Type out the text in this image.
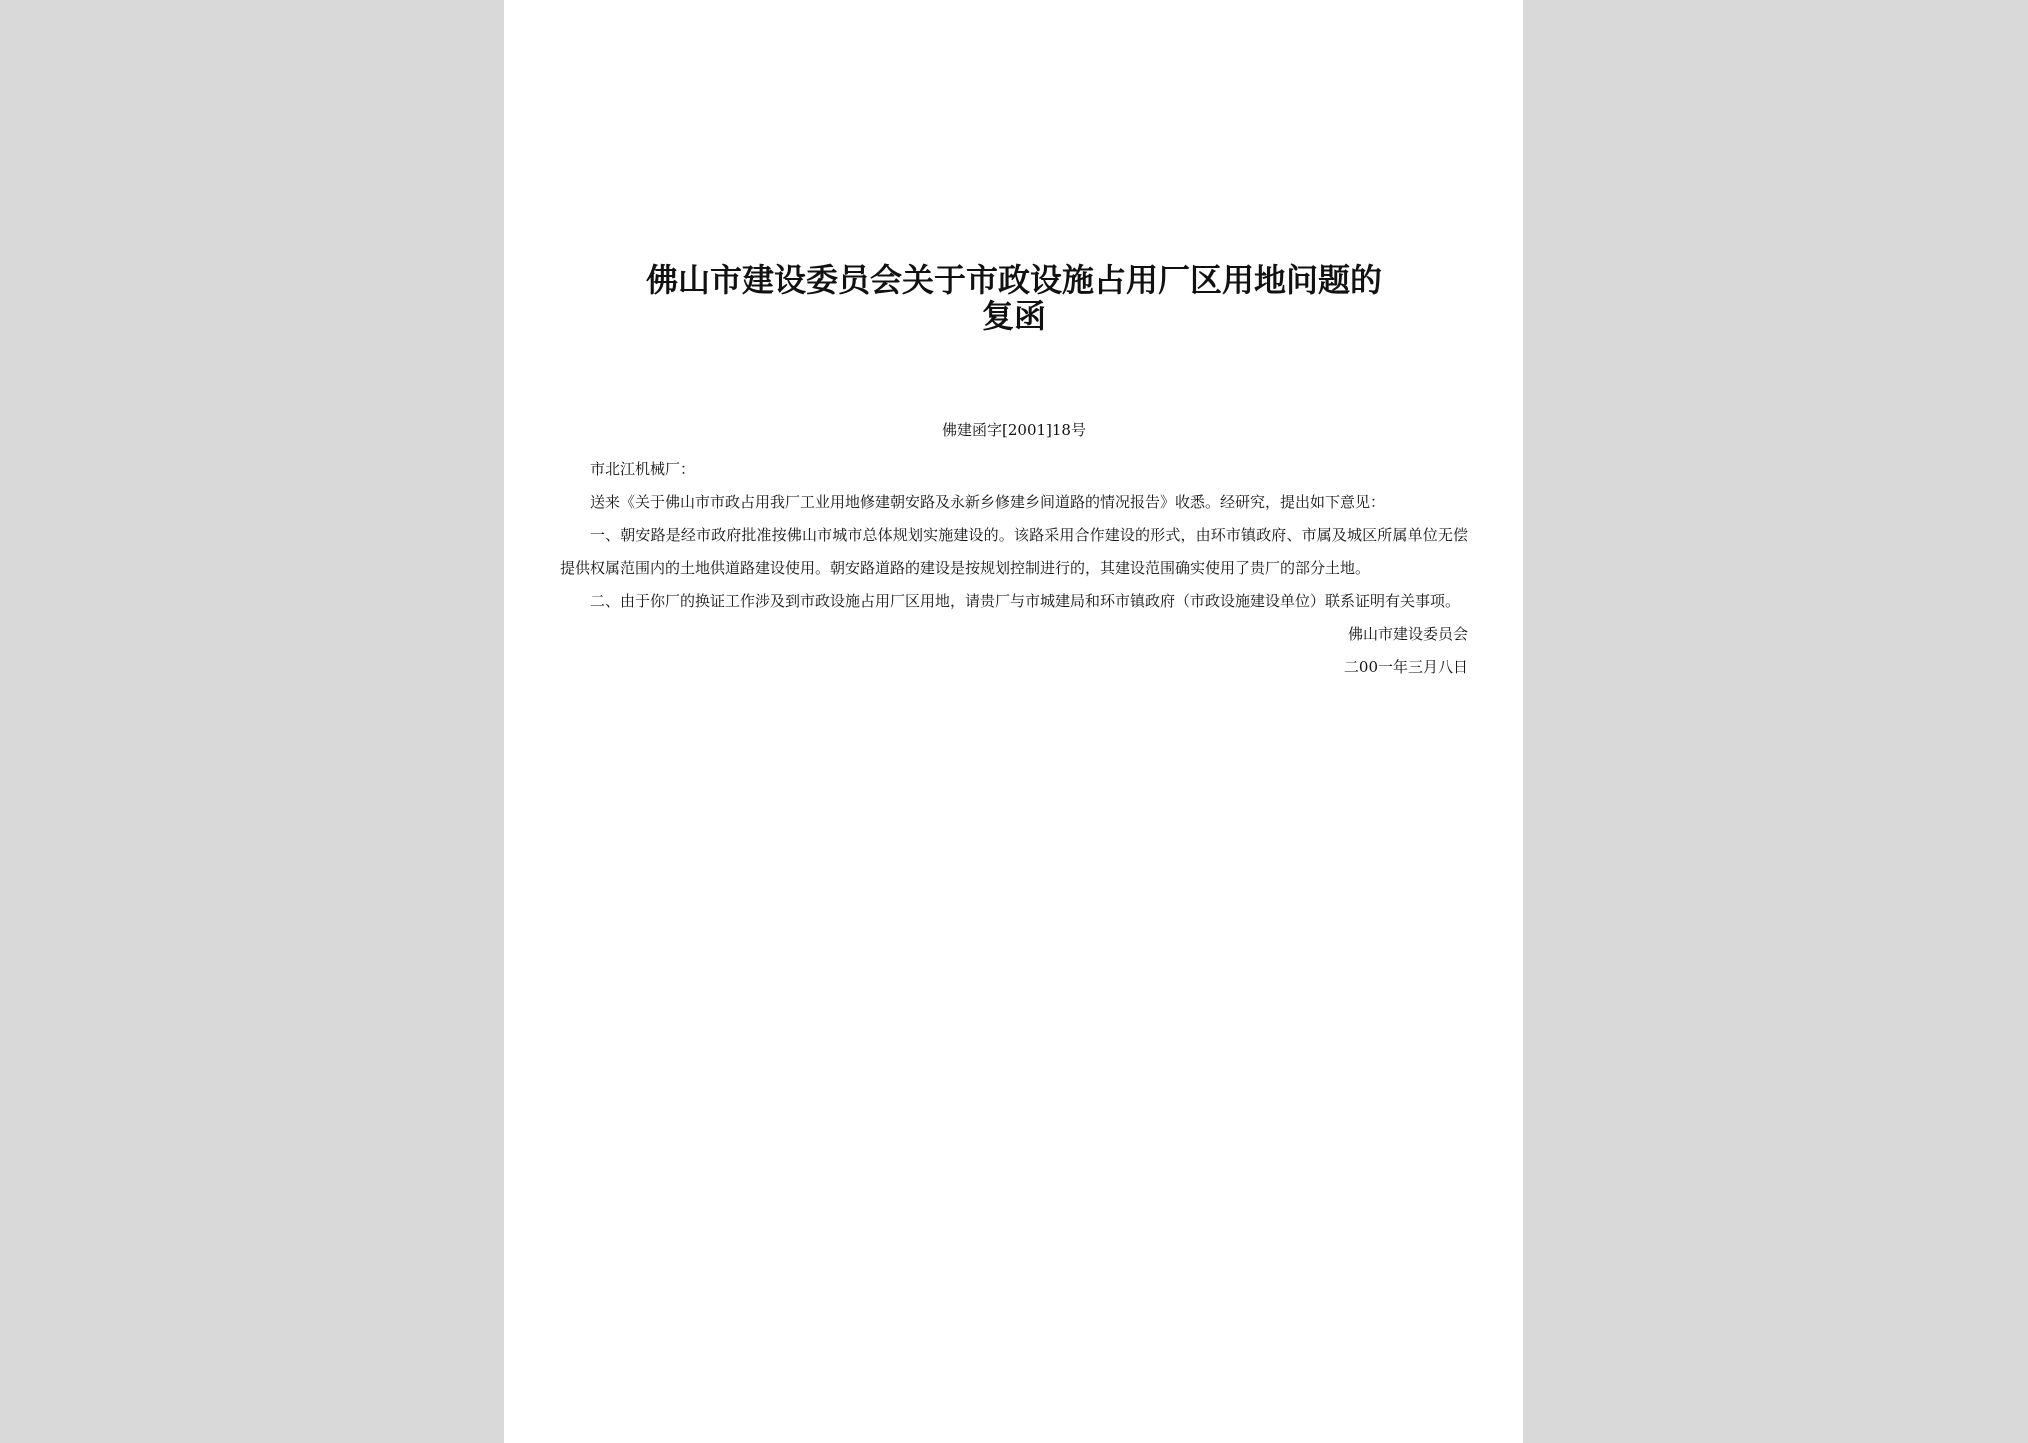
佛山市建设委员会关于市政设施占用厂区用地问题的
复函
佛建函字[2001]18号

市北江机械厂：

送来《关于佛山市市政占用我厂工业用地修建朝安路及永新乡修建乡间道路的情况报告》收悉。经研究，提出如下意见：

一、朝安路是经市政府批准按佛山市城市总体规划实施建设的。该路采用合作建设的形式，由环市镇政府、市属及城区所属单位无偿提供权属范围内的土地供道路建设使用。朝安路道路的建设是按规划控制进行的，其建设范围确实使用了贵厂的部分土地。

二、由于你厂的换证工作涉及到市政设施占用厂区用地，请贵厂与市城建局和环市镇政府（市政设施建设单位）联系证明有关事项。

佛山市建设委员会
二00一年三月八日
